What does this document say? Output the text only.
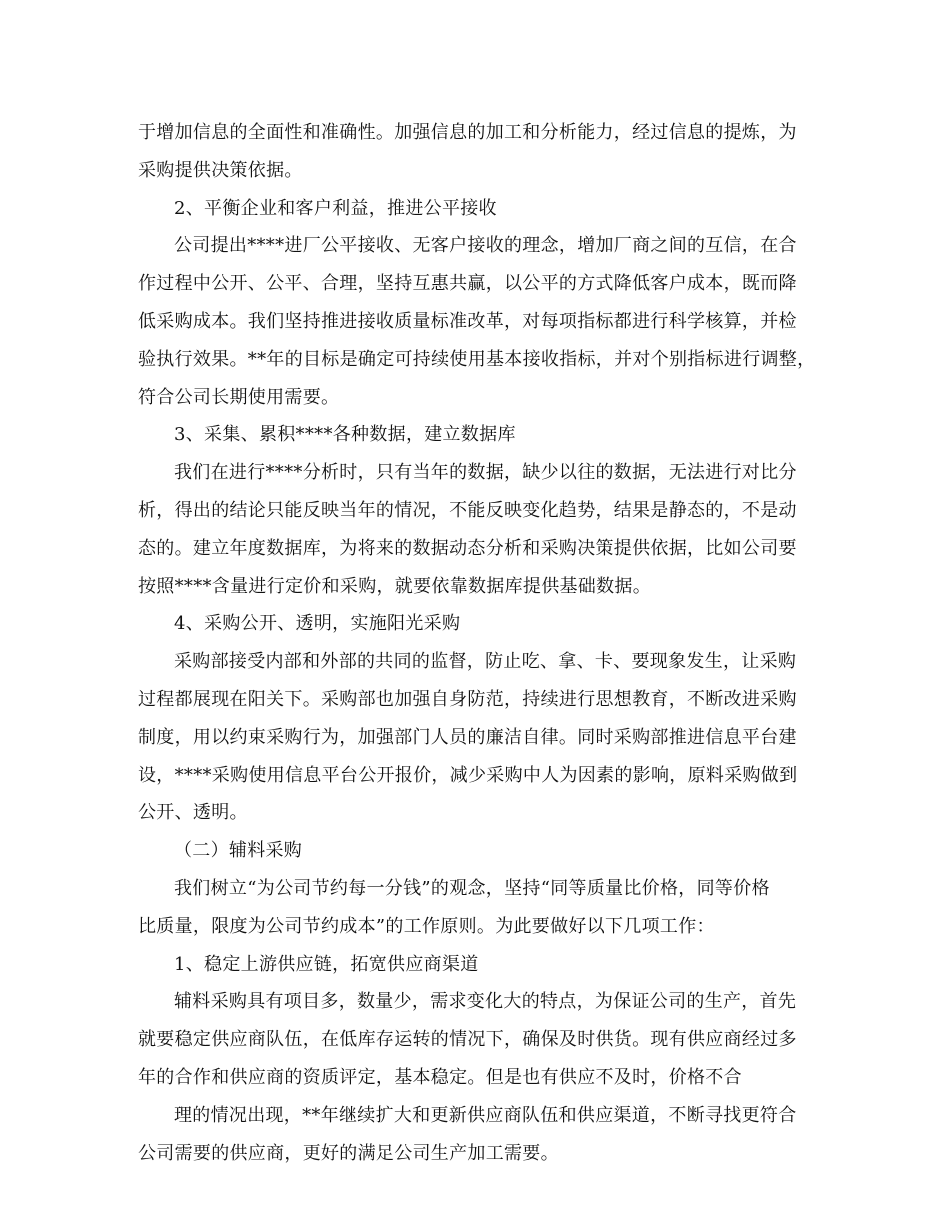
于增加信息的全面性和准确性。加强信息的加工和分析能力，经过信息的提炼，为
采购提供决策依据。
2、平衡企业和客户利益，推进公平接收
公司提出****进厂公平接收、无客户接收的理念，增加厂商之间的互信，在合
作过程中公开、公平、合理，坚持互惠共赢，以公平的方式降低客户成本，既而降
低采购成本。我们坚持推进接收质量标准改革，对每项指标都进行科学核算，并检
验执行效果。**年的目标是确定可持续使用基本接收指标，并对个别指标进行调整，
符合公司长期使用需要。
3、采集、累积****各种数据，建立数据库
我们在进行****分析时，只有当年的数据，缺少以往的数据，无法进行对比分
析，得出的结论只能反映当年的情况，不能反映变化趋势，结果是静态的，不是动
态的。建立年度数据库，为将来的数据动态分析和采购决策提供依据，比如公司要
按照****含量进行定价和采购，就要依靠数据库提供基础数据。
4、采购公开、透明，实施阳光采购
采购部接受内部和外部的共同的监督，防止吃、拿、卡、要现象发生，让采购
过程都展现在阳关下。采购部也加强自身防范，持续进行思想教育，不断改进采购
制度，用以约束采购行为，加强部门人员的廉洁自律。同时采购部推进信息平台建
设，****采购使用信息平台公开报价，减少采购中人为因素的影响，原料采购做到
公开、透明。
（二）辅料采购
我们树立“为公司节约每一分钱”的观念，坚持“同等质量比价格，同等价格
比质量，限度为公司节约成本”的工作原则。为此要做好以下几项工作：
1、稳定上游供应链，拓宽供应商渠道
辅料采购具有项目多，数量少，需求变化大的特点，为保证公司的生产，首先
就要稳定供应商队伍，在低库存运转的情况下，确保及时供货。现有供应商经过多
年的合作和供应商的资质评定，基本稳定。但是也有供应不及时，价格不合
理的情况出现，**年继续扩大和更新供应商队伍和供应渠道，不断寻找更符合
公司需要的供应商，更好的满足公司生产加工需要。
